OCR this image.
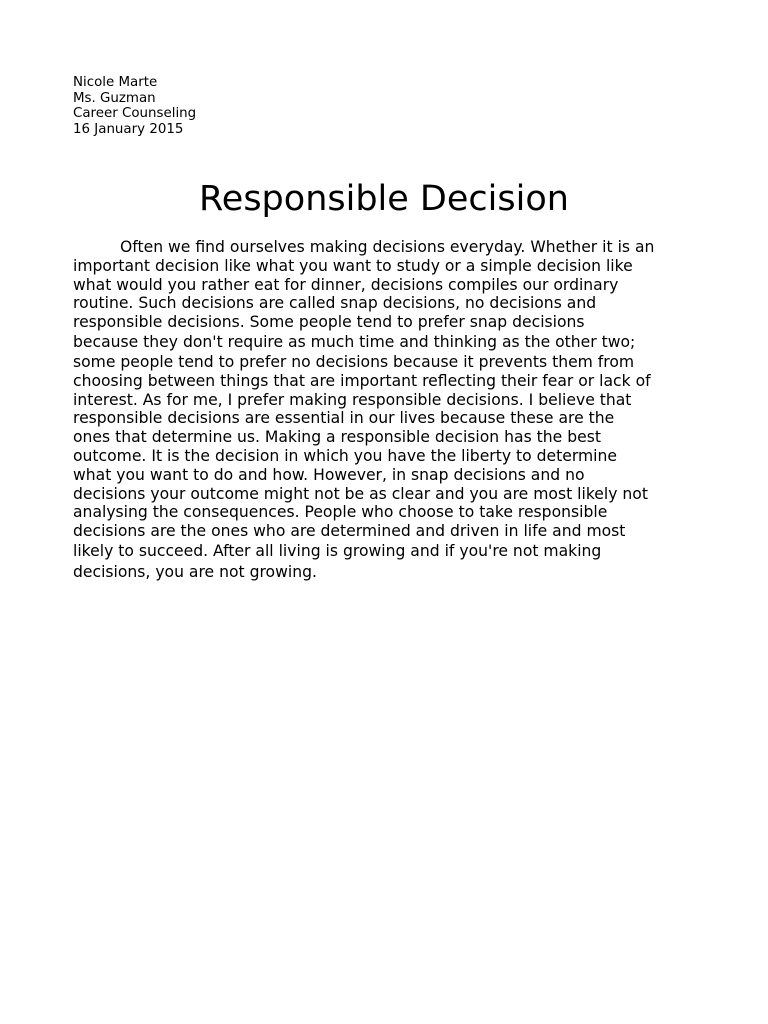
Nicole Marte
Ms. Guzman
Career Counseling
16 January 2015
Responsible Decision
Often we find ourselves making decisions everyday. Whether it is an
important decision like what you want to study or a simple decision like
what would you rather eat for dinner, decisions compiles our ordinary
routine. Such decisions are called snap decisions, no decisions and
responsible decisions. Some people tend to prefer snap decisions
because they don't require as much time and thinking as the other two;
some people tend to prefer no decisions because it prevents them from
choosing between things that are important reflecting their fear or lack of
interest. As for me, I prefer making responsible decisions. I believe that
responsible decisions are essential in our lives because these are the
ones that determine us. Making a responsible decision has the best
outcome. It is the decision in which you have the liberty to determine
what you want to do and how. However, in snap decisions and no
decisions your outcome might not be as clear and you are most likely not
analysing the consequences. People who choose to take responsible
decisions are the ones who are determined and driven in life and most
likely to succeed. After all living is growing and if you're not making
decisions, you are not growing.
